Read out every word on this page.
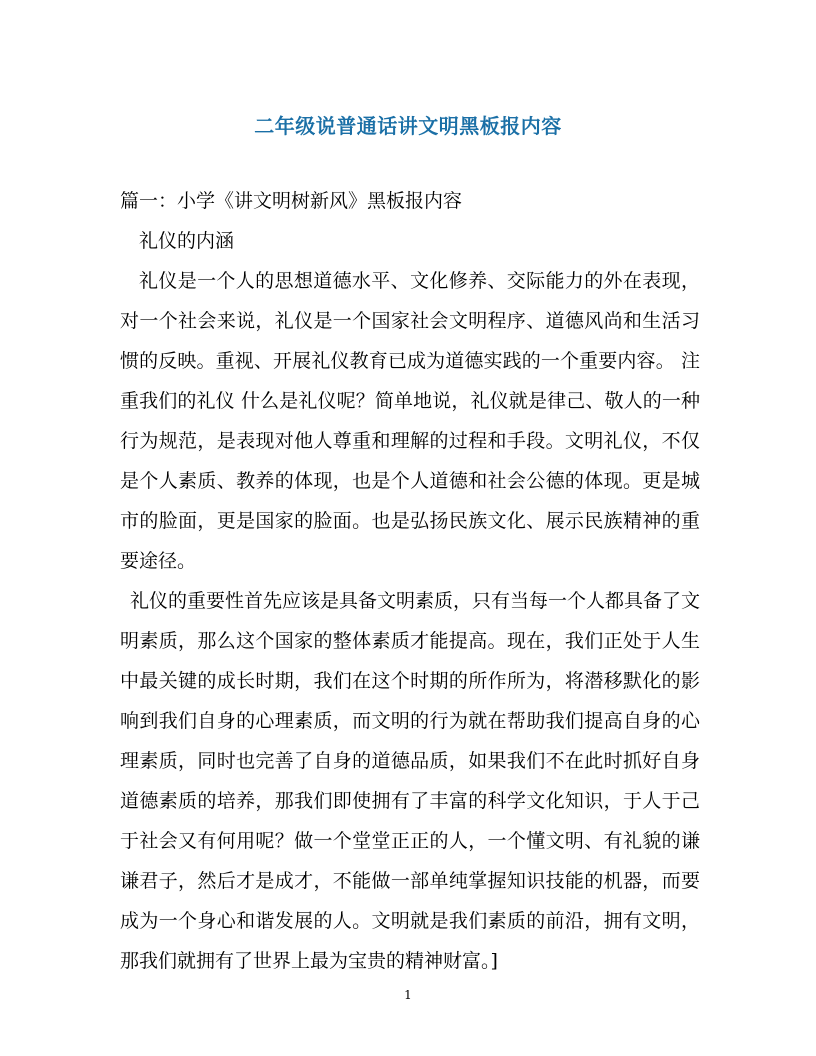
二年级说普通话讲文明黑板报内容

篇一：小学《讲文明树新风》黑板报内容

礼仪的内涵

礼仪是一个人的思想道德水平、文化修养、交际能力的外在表现，对一个社会来说，礼仪是一个国家社会文明程序、道德风尚和生活习惯的反映。重视、开展礼仪教育已成为道德实践的一个重要内容。 注重我们的礼仪 什么是礼仪呢？简单地说，礼仪就是律己、敬人的一种行为规范，是表现对他人尊重和理解的过程和手段。文明礼仪，不仅是个人素质、教养的体现，也是个人道德和社会公德的体现。更是城市的脸面，更是国家的脸面。也是弘扬民族文化、展示民族精神的重要途径。

礼仪的重要性首先应该是具备文明素质，只有当每一个人都具备了文明素质，那么这个国家的整体素质才能提高。现在，我们正处于人生中最关键的成长时期，我们在这个时期的所作所为，将潜移默化的影响到我们自身的心理素质，而文明的行为就在帮助我们提高自身的心理素质，同时也完善了自身的道德品质，如果我们不在此时抓好自身道德素质的培养，那我们即使拥有了丰富的科学文化知识，于人于己于社会又有何用呢？做一个堂堂正正的人，一个懂文明、有礼貌的谦谦君子，然后才是成才，不能做一部单纯掌握知识技能的机器，而要成为一个身心和谐发展的人。文明就是我们素质的前沿，拥有文明，那我们就拥有了世界上最为宝贵的精神财富。]

1
